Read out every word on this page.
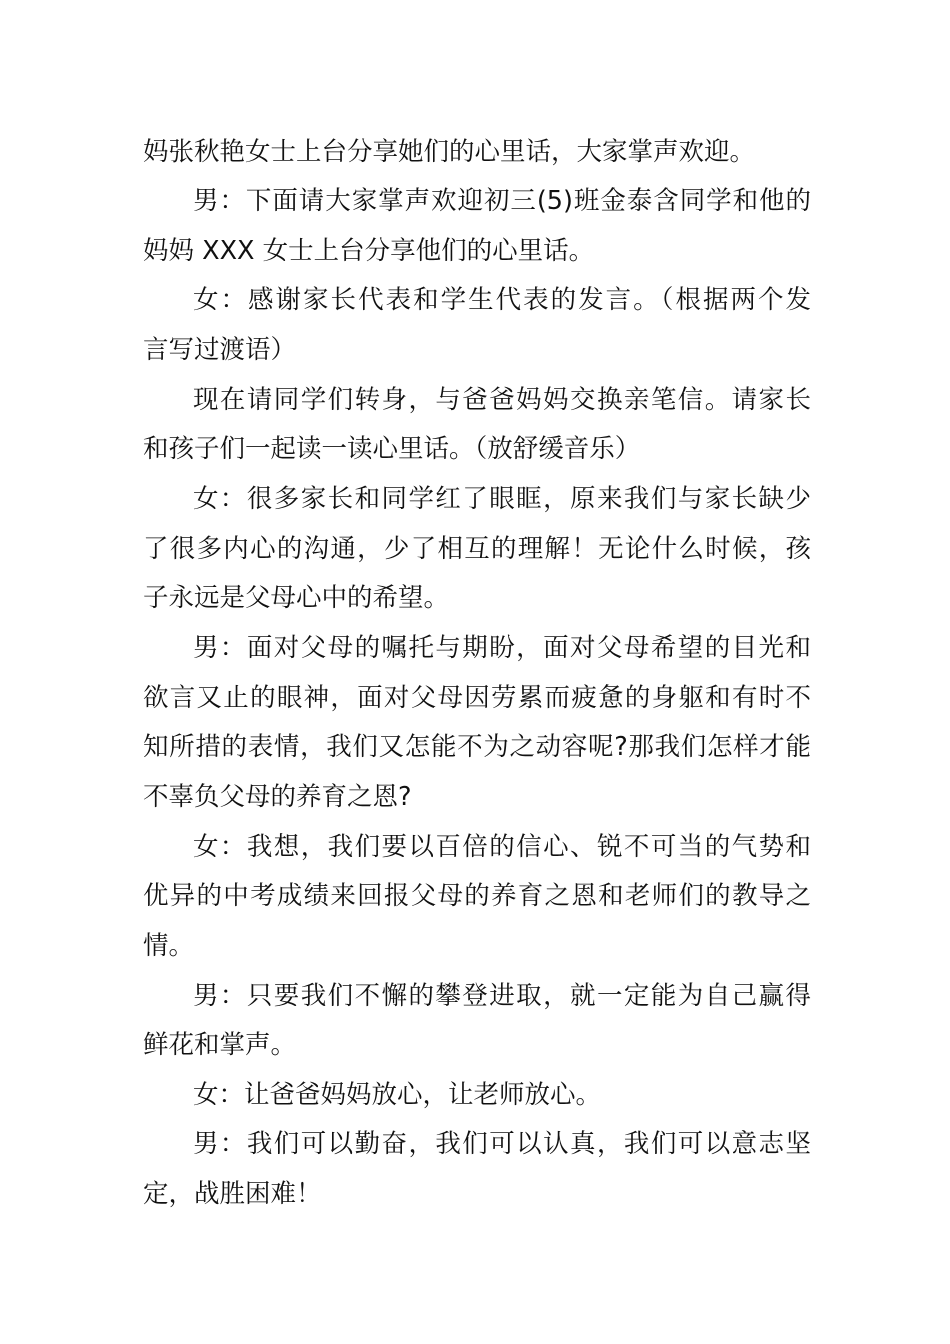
妈张秋艳女士上台分享她们的心里话，大家掌声欢迎。
男：下面请大家掌声欢迎初三(5)班金泰含同学和他的
妈妈 XXX 女士上台分享他们的心里话。
女：感谢家长代表和学生代表的发言。（根据两个发
言写过渡语）
现在请同学们转身，与爸爸妈妈交换亲笔信。请家长
和孩子们一起读一读心里话。（放舒缓音乐）
女：很多家长和同学红了眼眶，原来我们与家长缺少
了很多内心的沟通，少了相互的理解！无论什么时候，孩
子永远是父母心中的希望。
男：面对父母的嘱托与期盼，面对父母希望的目光和
欲言又止的眼神，面对父母因劳累而疲惫的身躯和有时不
知所措的表情，我们又怎能不为之动容呢?那我们怎样才能
不辜负父母的养育之恩?
女：我想，我们要以百倍的信心、锐不可当的气势和
优异的中考成绩来回报父母的养育之恩和老师们的教导之
情。
男：只要我们不懈的攀登进取，就一定能为自己赢得
鲜花和掌声。
女：让爸爸妈妈放心，让老师放心。
男：我们可以勤奋，我们可以认真，我们可以意志坚
定，战胜困难！
